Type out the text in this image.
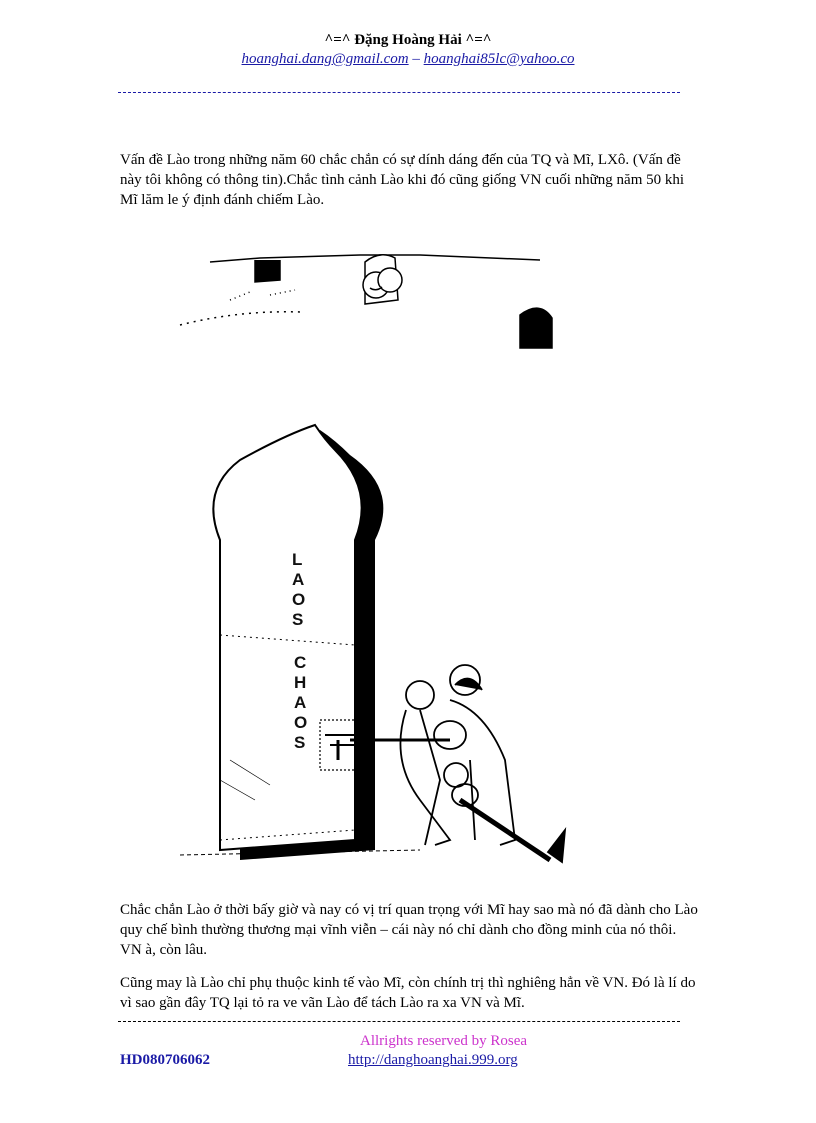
^=^ Đặng Hoàng Hải ^=^
hoanghai.dang@gmail.com – hoanghai85lc@yahoo.co

Vấn đề Lào trong những năm 60 chắc chắn có sự dính dáng đến của TQ và Mĩ, LXô. (Vấn đề này tôi không có thông tin).Chắc tình cảnh Lào khi đó cũng giống VN cuối những năm 50 khi Mĩ lăm le ý định đánh chiếm Lào.

L
A
O
S
C
H
A
O
S

Chắc chắn Lào ở thời bấy giờ và nay có vị trí quan trọng với Mĩ hay sao mà nó đã dành cho Lào quy chế bình thường thương mại vĩnh viễn – cái này nó chỉ dành cho đồng minh của nó thôi. VN à, còn lâu.

Cũng may là Lào chỉ phụ thuộc kinh tế vào Mĩ, còn chính trị thì nghiêng hẳn về VN. Đó là lí do vì sao gần đây TQ lại tỏ ra ve vãn Lào để tách Lào ra xa VN và Mĩ.

Allrights reserved by Rosea
HD080706062	http://danghoanghai.999.org
